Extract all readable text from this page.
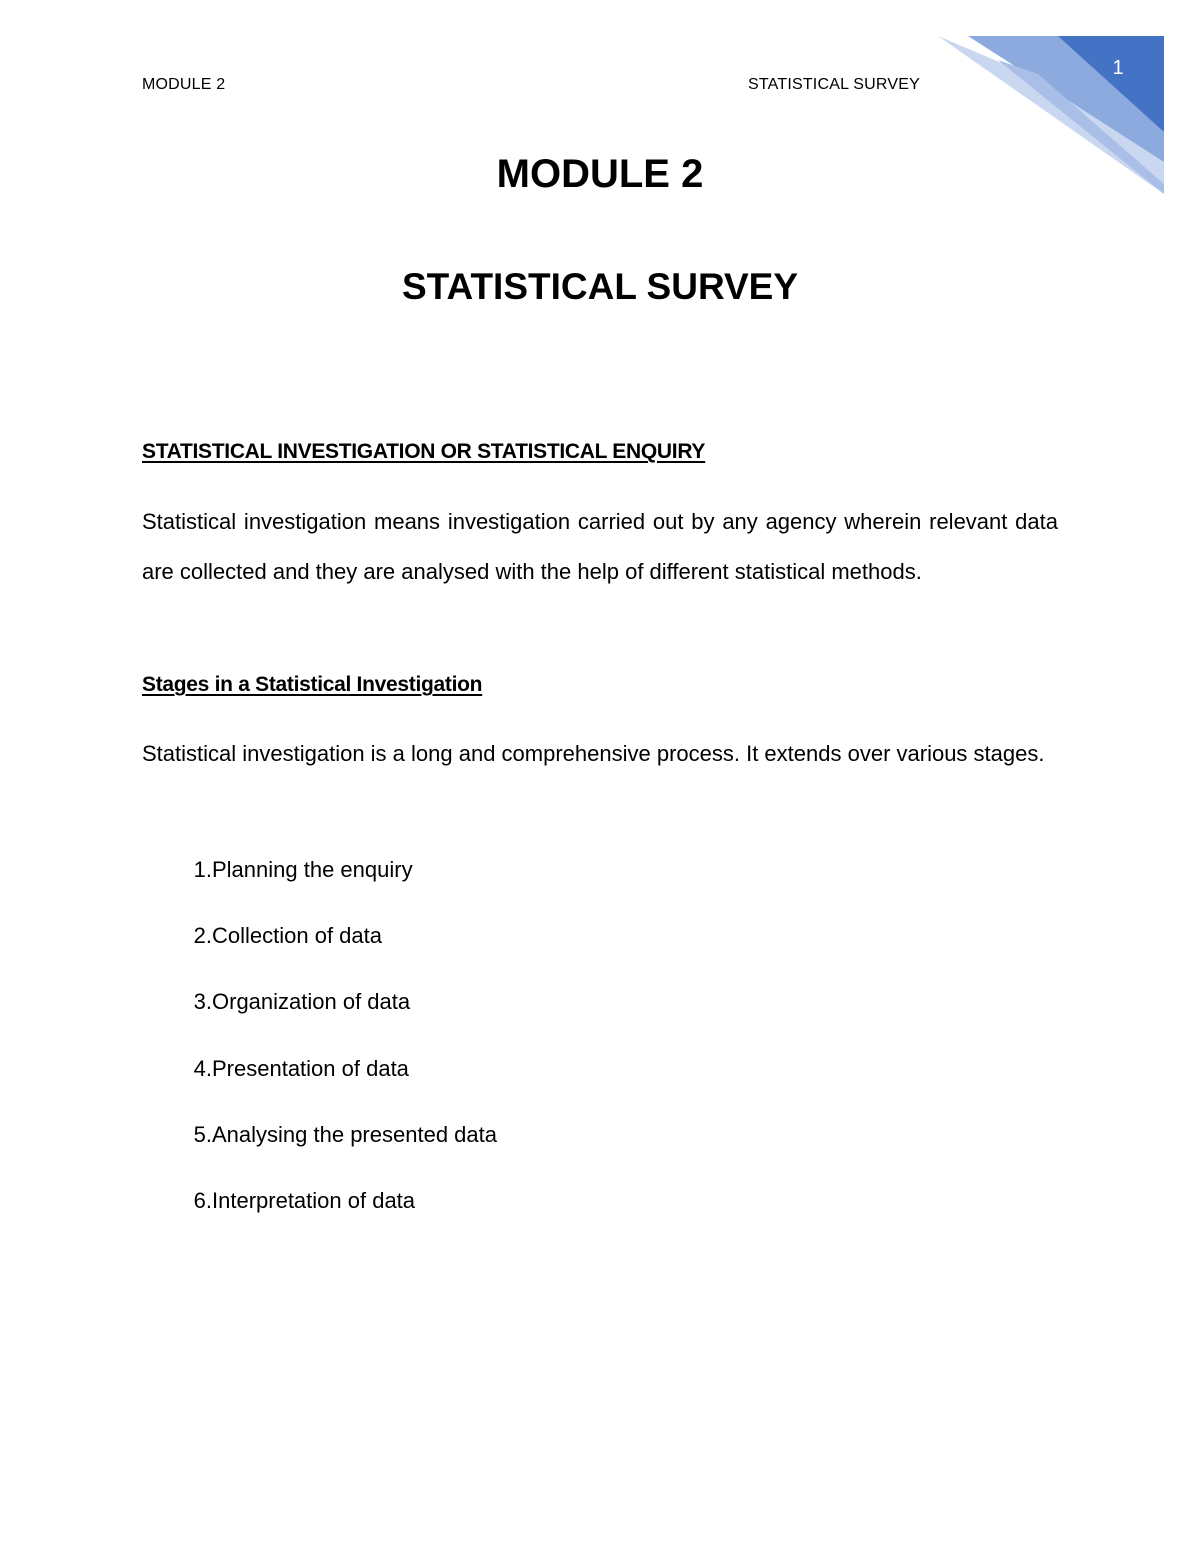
1
MODULE 2	STATISTICAL SURVEY
MODULE 2
STATISTICAL SURVEY
STATISTICAL INVESTIGATION OR STATISTICAL ENQUIRY

Statistical investigation means investigation carried out by any agency wherein relevant data are collected and they are analysed with the help of different statistical methods.

Stages in a Statistical Investigation

Statistical investigation is a long and comprehensive process. It extends over various stages.

1. Planning the enquiry
2. Collection of data
3. Organization of data
4. Presentation of data
5. Analysing the presented data
6. Interpretation of data
